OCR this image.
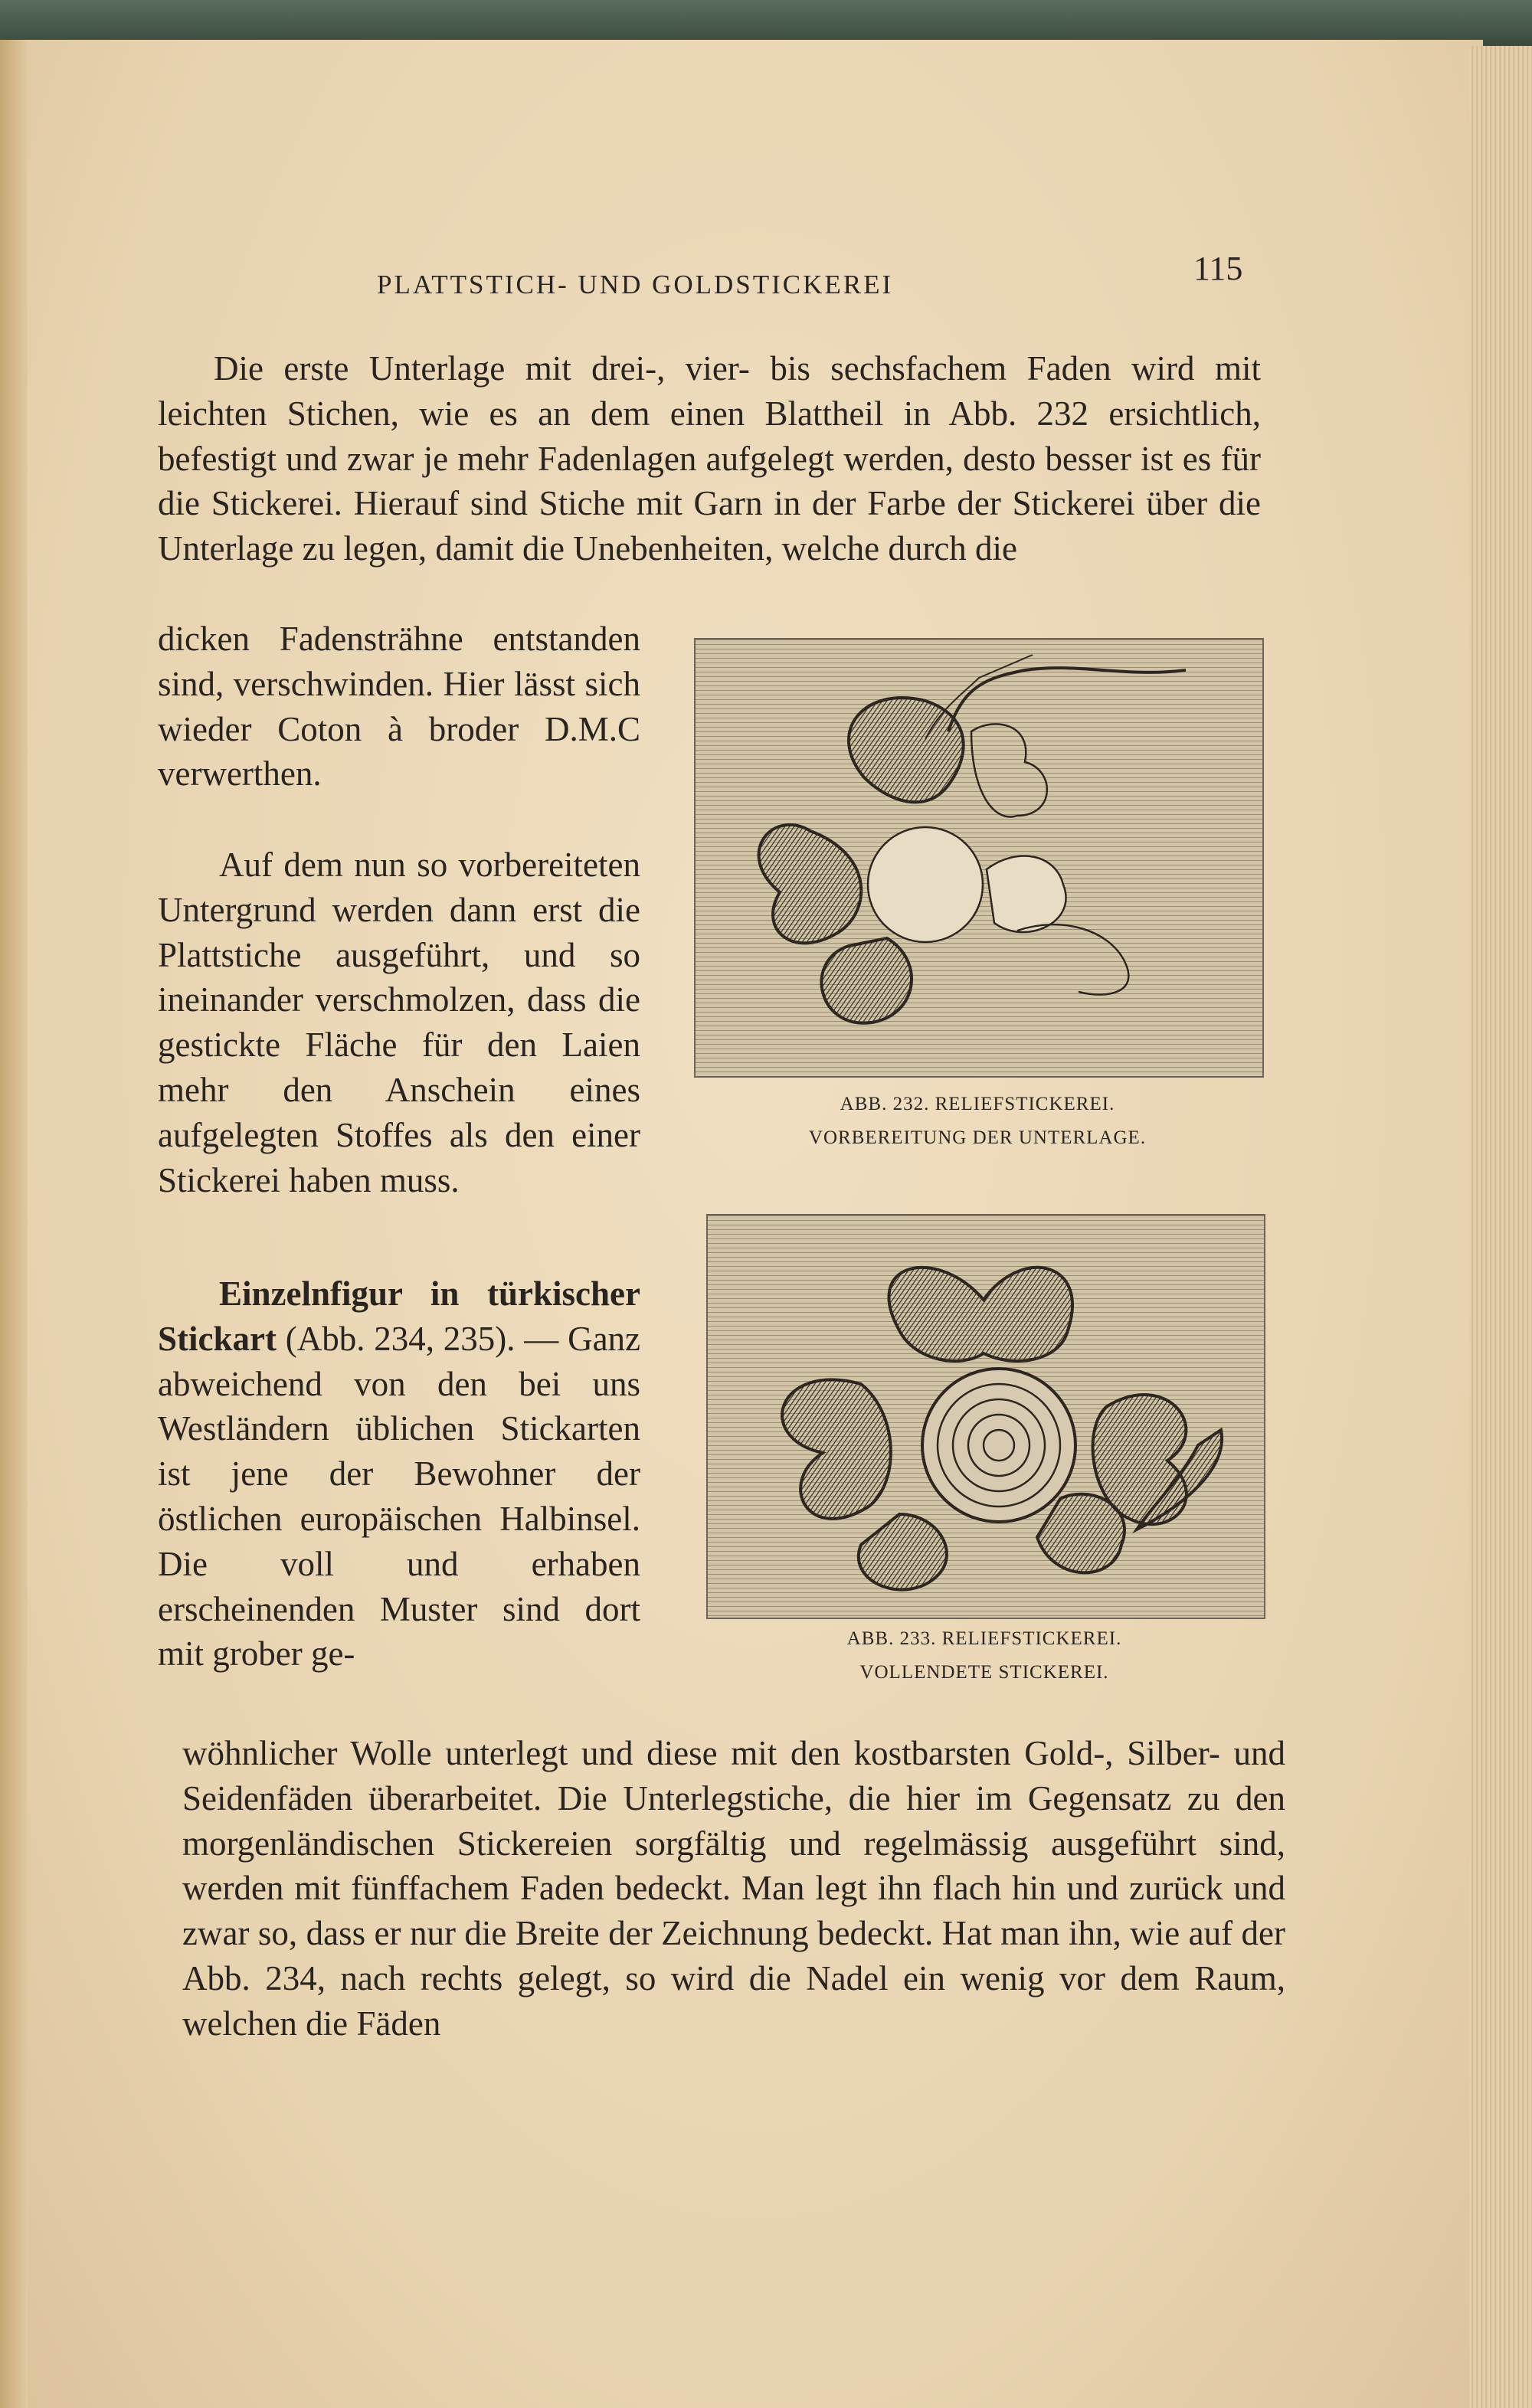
PLATTSTICH- UND GOLDSTICKEREI	115

Die erste Unterlage mit drei-, vier- bis sechsfachem Faden wird mit leichten Stichen, wie es an dem einen Blattheil in Abb. 232 ersichtlich, befestigt und zwar je mehr Fadenlagen aufgelegt werden, desto besser ist es für die Stickerei. Hierauf sind Stiche mit Garn in der Farbe der Stickerei über die Unterlage zu legen, damit die Unebenheiten, welche durch die

dicken Fadensträhne entstanden sind, verschwinden. Hier lässt sich wieder Coton à broder D.M.C verwerthen.

Auf dem nun so vorbereiteten Untergrund werden dann erst die Plattstiche ausgeführt, und so ineinander verschmolzen, dass die gestickte Fläche für den Laien mehr den Anschein eines aufgelegten Stoffes als den einer Stickerei haben muss.

Einzelnfigur in türkischer Stickart (Abb. 234, 235). — Ganz abweichend von den bei uns Westländern üblichen Stickarten ist jene der Bewohner der östlichen europäischen Halbinsel. Die voll und erhaben erscheinenden Muster sind dort mit grober ge-

wöhnlicher Wolle unterlegt und diese mit den kostbarsten Gold-, Silber- und Seidenfäden überarbeitet. Die Unterlegstiche, die hier im Gegensatz zu den morgenländischen Stickereien sorgfältig und regelmässig ausgeführt sind, werden mit fünffachem Faden bedeckt. Man legt ihn flach hin und zurück und zwar so, dass er nur die Breite der Zeichnung bedeckt. Hat man ihn, wie auf der Abb. 234, nach rechts gelegt, so wird die Nadel ein wenig vor dem Raum, welchen die Fäden

ABB. 232. RELIEFSTICKEREI.
VORBEREITUNG DER UNTERLAGE.
ABB. 233. RELIEFSTICKEREI.
VOLLENDETE STICKEREI.
